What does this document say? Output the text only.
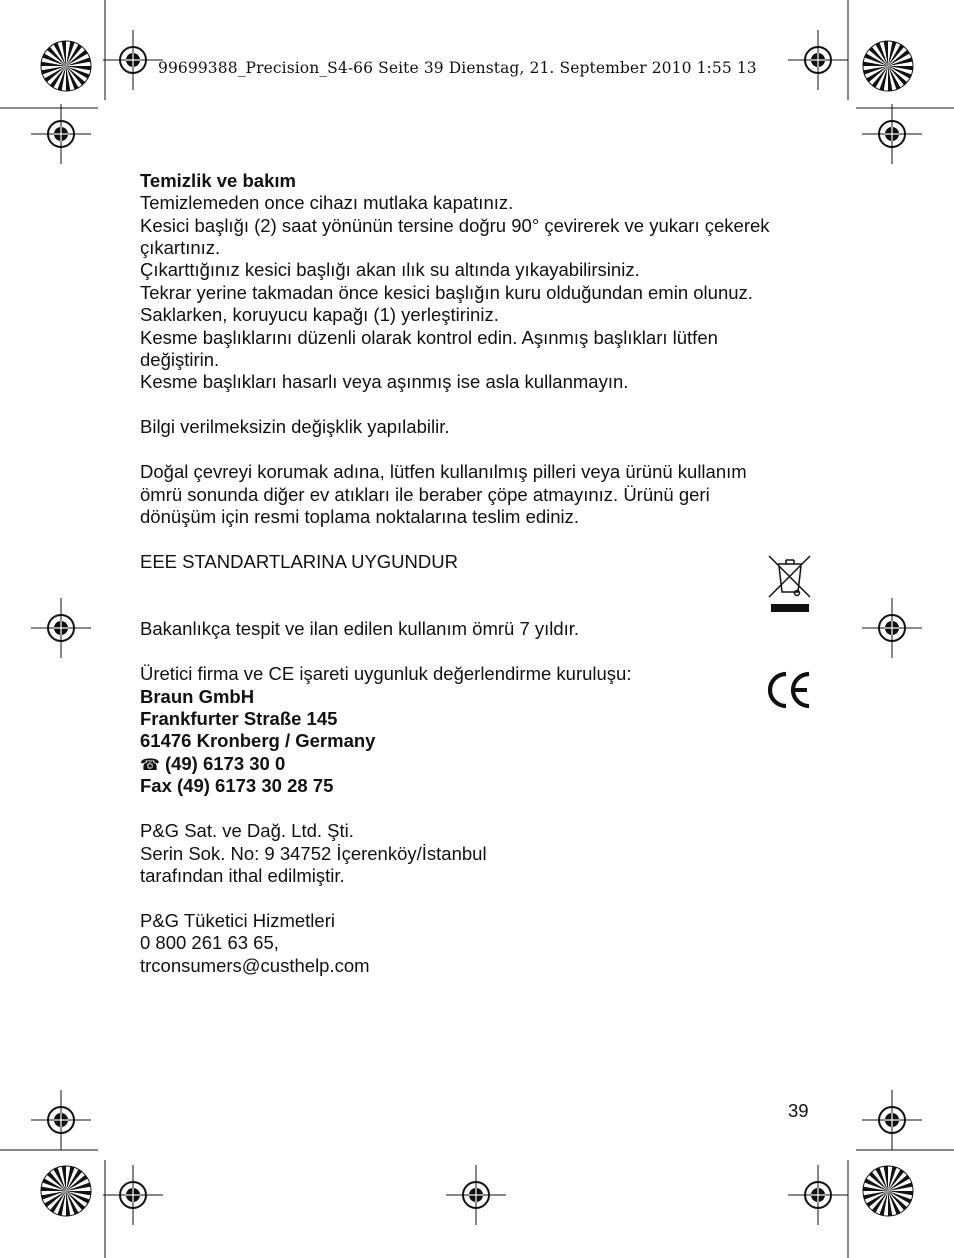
99699388_Precision_S4-66 Seite 39 Dienstag, 21. September 2010 1:55 13
Temizlik ve bakım
Temizlemeden once cihazı mutlaka kapatınız.
Kesici başlığı (2) saat yönünün tersine doğru 90° çevirerek ve yukarı çekerek
çıkartınız.
Çıkarttığınız kesici başlığı akan ılık su altında yıkayabilirsiniz.
Tekrar yerine takmadan önce kesici başlığın kuru olduğundan emin olunuz.
Saklarken, koruyucu kapağı (1) yerleştiriniz.
Kesme başlıklarını düzenli olarak kontrol edin. Aşınmış başlıkları lütfen
değiştirin.
Kesme başlıkları hasarlı veya aşınmış ise asla kullanmayın.
Bilgi verilmeksizin değişklik yapılabilir.
Doğal çevreyi korumak adına, lütfen kullanılmış pilleri veya ürünü kullanım
ömrü sonunda diğer ev atıkları ile beraber çöpe atmayınız. Ürünü geri
dönüşüm için resmi toplama noktalarına teslim ediniz.
EEE STANDARTLARINA UYGUNDUR
Bakanlıkça tespit ve ilan edilen kullanım ömrü 7 yıldır.
Üretici firma ve CE işareti uygunluk değerlendirme kuruluşu:
Braun GmbH
Frankfurter Straße 145
61476 Kronberg / Germany
☎ (49) 6173 30 0
Fax (49) 6173 30 28 75
P&G Sat. ve Dağ. Ltd. Şti.
Serin Sok. No: 9 34752 İçerenköy/İstanbul
tarafından ithal edilmiştir.
P&G Tüketici Hizmetleri
0 800 261 63 65,
trconsumers@custhelp.com
39
